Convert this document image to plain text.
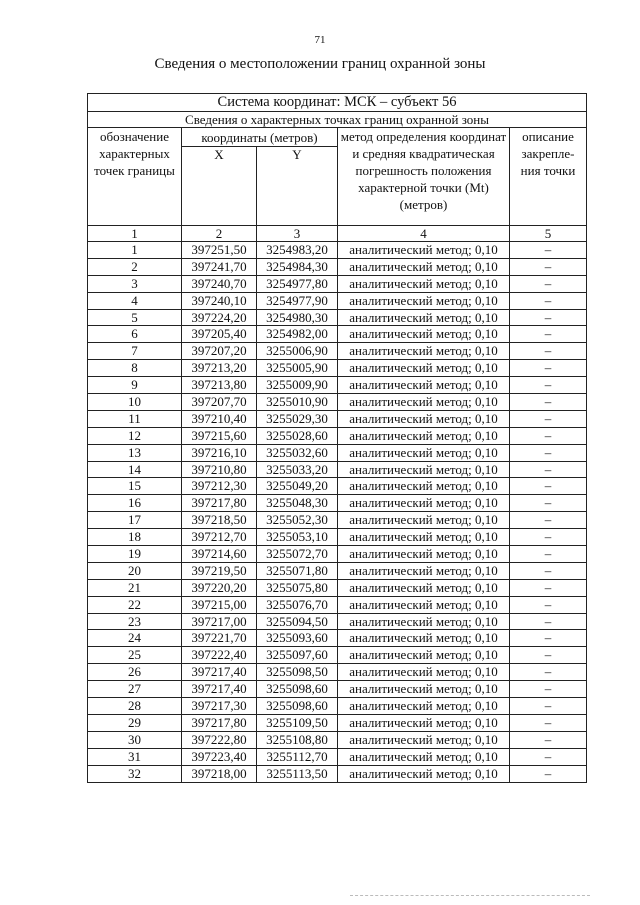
71
Сведения о местоположении границ охранной зоны
Система координат: МСК – субъект 56				
Сведения о характерных точках границ охранной зоны				
обозначение характерных точек границы	координаты (метров)		метод определения координат и средняя квадратическая погрешность положения характерной точки (Mt) (метров)	описание закрепле-ния точки
	X	Y		
1	2	3	4	5
1	397251,50	3254983,20	аналитический метод; 0,10	–
2	397241,70	3254984,30	аналитический метод; 0,10	–
3	397240,70	3254977,80	аналитический метод; 0,10	–
4	397240,10	3254977,90	аналитический метод; 0,10	–
5	397224,20	3254980,30	аналитический метод; 0,10	–
6	397205,40	3254982,00	аналитический метод; 0,10	–
7	397207,20	3255006,90	аналитический метод; 0,10	–
8	397213,20	3255005,90	аналитический метод; 0,10	–
9	397213,80	3255009,90	аналитический метод; 0,10	–
10	397207,70	3255010,90	аналитический метод; 0,10	–
11	397210,40	3255029,30	аналитический метод; 0,10	–
12	397215,60	3255028,60	аналитический метод; 0,10	–
13	397216,10	3255032,60	аналитический метод; 0,10	–
14	397210,80	3255033,20	аналитический метод; 0,10	–
15	397212,30	3255049,20	аналитический метод; 0,10	–
16	397217,80	3255048,30	аналитический метод; 0,10	–
17	397218,50	3255052,30	аналитический метод; 0,10	–
18	397212,70	3255053,10	аналитический метод; 0,10	–
19	397214,60	3255072,70	аналитический метод; 0,10	–
20	397219,50	3255071,80	аналитический метод; 0,10	–
21	397220,20	3255075,80	аналитический метод; 0,10	–
22	397215,00	3255076,70	аналитический метод; 0,10	–
23	397217,00	3255094,50	аналитический метод; 0,10	–
24	397221,70	3255093,60	аналитический метод; 0,10	–
25	397222,40	3255097,60	аналитический метод; 0,10	–
26	397217,40	3255098,50	аналитический метод; 0,10	–
27	397217,40	3255098,60	аналитический метод; 0,10	–
28	397217,30	3255098,60	аналитический метод; 0,10	–
29	397217,80	3255109,50	аналитический метод; 0,10	–
30	397222,80	3255108,80	аналитический метод; 0,10	–
31	397223,40	3255112,70	аналитический метод; 0,10	–
32	397218,00	3255113,50	аналитический метод; 0,10	–
